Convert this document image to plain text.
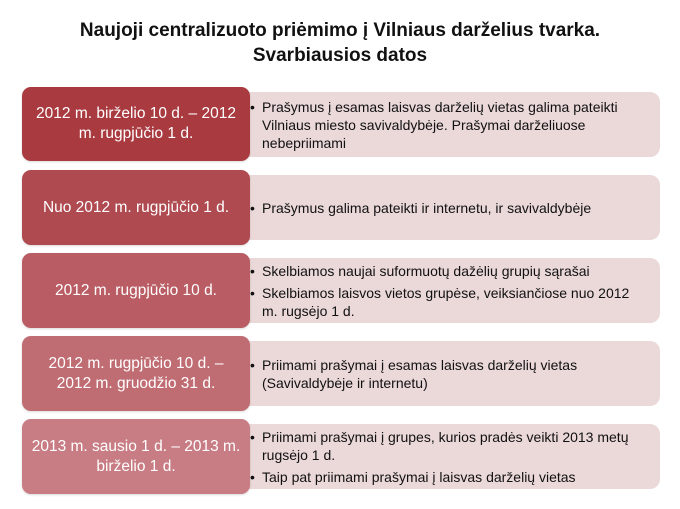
Naujoji centralizuoto priėmimo į Vilniaus darželius tvarka.
Svarbiausios datos
• Prašymus į esamas laisvas darželių vietas galima pateikti Vilniaus miesto savivaldybėje. Prašymai darželiuose nebepriimami
2012 m. birželio 10 d. – 2012 m. rugpjūčio 1 d.
• Prašymus galima pateikti ir internetu, ir savivaldybėje
Nuo 2012 m. rugpjūčio 1 d.
• Skelbiamos naujai suformuotų dažėlių grupių sąrašai
• Skelbiamos laisvos vietos grupėse, veiksiančiose nuo 2012 m. rugsėjo 1 d.
2012 m. rugpjūčio 10 d.
• Priimami prašymai į esamas laisvas darželių vietas (Savivaldybėje ir internetu)
2012 m. rugpjūčio 10 d. – 2012 m. gruodžio 31 d.
• Priimami prašymai į grupes, kurios pradės veikti 2013 metų rugsėjo 1 d.
• Taip pat priimami prašymai į laisvas darželių vietas
2013 m. sausio 1 d. – 2013 m. birželio 1 d.
